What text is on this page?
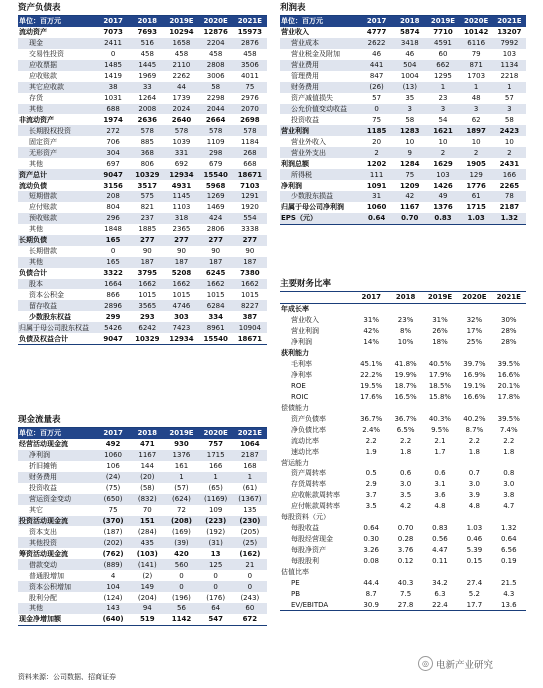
资产负债表
单位：百万元	2017	2018	2019E	2020E	2021E
流动资产	7073	7693	10294	12876	15973
现金	2411	516	1658	2204	2876
交易性投资	0	458	458	458	458
应收票据	1485	1445	2110	2808	3506
应收账款	1419	1969	2262	3006	4011
其它应收款	38	33	44	58	75
存货	1031	1264	1739	2298	2976
其他	688	2008	2024	2044	2070
非流动资产	1974	2636	2640	2664	2698
长期股权投资	272	578	578	578	578
固定资产	706	885	1039	1109	1184
无形资产	304	368	331	298	268
其他	697	806	692	679	668
资产总计	9047	10329	12934	15540	18671
流动负债	3156	3517	4931	5968	7103
短期借款	208	575	1145	1269	1291
应付账款	804	821	1103	1469	1920
预收账款	296	237	318	424	554
其他	1848	1885	2365	2806	3338
长期负债	165	277	277	277	277
长期借款	0	90	90	90	90
其他	165	187	187	187	187
负债合计	3322	3795	5208	6245	7380
股本	1664	1662	1662	1662	1662
资本公积金	866	1015	1015	1015	1015
留存收益	2896	3565	4746	6284	8227
少数股东权益	299	293	303	334	387
归属于母公司股东权益	5426	6242	7423	8961	10904
负债及权益合计	9047	10329	12934	15540	18671
利润表
单位：百万元	2017	2018	2019E	2020E	2021E
营业收入	4777	5874	7710	10142	13207
营业成本	2622	3418	4591	6116	7992
营业税金及附加	46	46	60	79	103
营业费用	441	504	662	871	1134
管理费用	847	1004	1295	1703	2218
财务费用	(26)	(13)	1	1	1
资产减值损失	57	35	23	48	57
公允价值变动收益	0	3	3	3	3
投资收益	75	58	54	62	58
营业利润	1185	1283	1621	1897	2423
营业外收入	20	10	10	10	10
营业外支出	2	9	2	2	2
利润总额	1202	1284	1629	1905	2431
所得税	111	75	103	129	166
净利润	1091	1209	1426	1776	2265
少数股东损益	31	42	49	61	78
归属于母公司净利润	1060	1167	1376	1715	2187
EPS（元）	0.64	0.70	0.83	1.03	1.32
主要财务比率
	2017	2018	2019E	2020E	2021E
年成长率					
营业收入	31%	23%	31%	32%	30%
营业利润	42%	8%	26%	17%	28%
净利润	14%	10%	18%	25%	28%
获利能力					
毛利率	45.1%	41.8%	40.5%	39.7%	39.5%
净利率	22.2%	19.9%	17.9%	16.9%	16.6%
ROE	19.5%	18.7%	18.5%	19.1%	20.1%
ROIC	17.6%	16.5%	15.8%	16.6%	17.8%
偿债能力					
资产负债率	36.7%	36.7%	40.3%	40.2%	39.5%
净负债比率	2.4%	6.5%	9.5%	8.7%	7.4%
流动比率	2.2	2.2	2.1	2.2	2.2
速动比率	1.9	1.8	1.7	1.8	1.8
营运能力					
资产周转率	0.5	0.6	0.6	0.7	0.8
存货周转率	2.9	3.0	3.1	3.0	3.0
应收帐款周转率	3.7	3.5	3.6	3.9	3.8
应付帐款周转率	3.5	4.2	4.8	4.8	4.7
每股资料（元）					
每股收益	0.64	0.70	0.83	1.03	1.32
每股经营现金	0.30	0.28	0.56	0.46	0.64
每股净资产	3.26	3.76	4.47	5.39	6.56
每股股利	0.08	0.12	0.11	0.15	0.19
估值比率					
PE	44.4	40.3	34.2	27.4	21.5
PB	8.7	7.5	6.3	5.2	4.3
EV/EBITDA	30.9	27.8	22.4	17.7	13.6
现金流量表
单位：百万元	2017	2018	2019E	2020E	2021E
经营活动现金流	492	471	930	757	1064
净利润	1060	1167	1376	1715	2187
折旧摊销	106	144	161	166	168
财务费用	(24)	(20)	1	1	1
投资收益	(75)	(58)	(57)	(65)	(61)
营运资金变动	(650)	(832)	(624)	(1169)	(1367)
其它	75	70	72	109	135
投资活动现金流	(370)	151	(208)	(223)	(230)
资本支出	(187)	(284)	(169)	(192)	(205)
其他投资	(202)	435	(39)	(31)	(25)
筹资活动现金流	(762)	(103)	420	13	(162)
借款变动	(889)	(141)	560	125	21
普通股增加	4	(2)	0	0	0
资本公积增加	104	149	0	0	0
股利分配	(124)	(204)	(196)	(176)	(243)
其他	143	94	56	64	60
现金净增加额	(640)	519	1142	547	672
资料来源：公司数据、招商证券
◎ 电新产业研究
